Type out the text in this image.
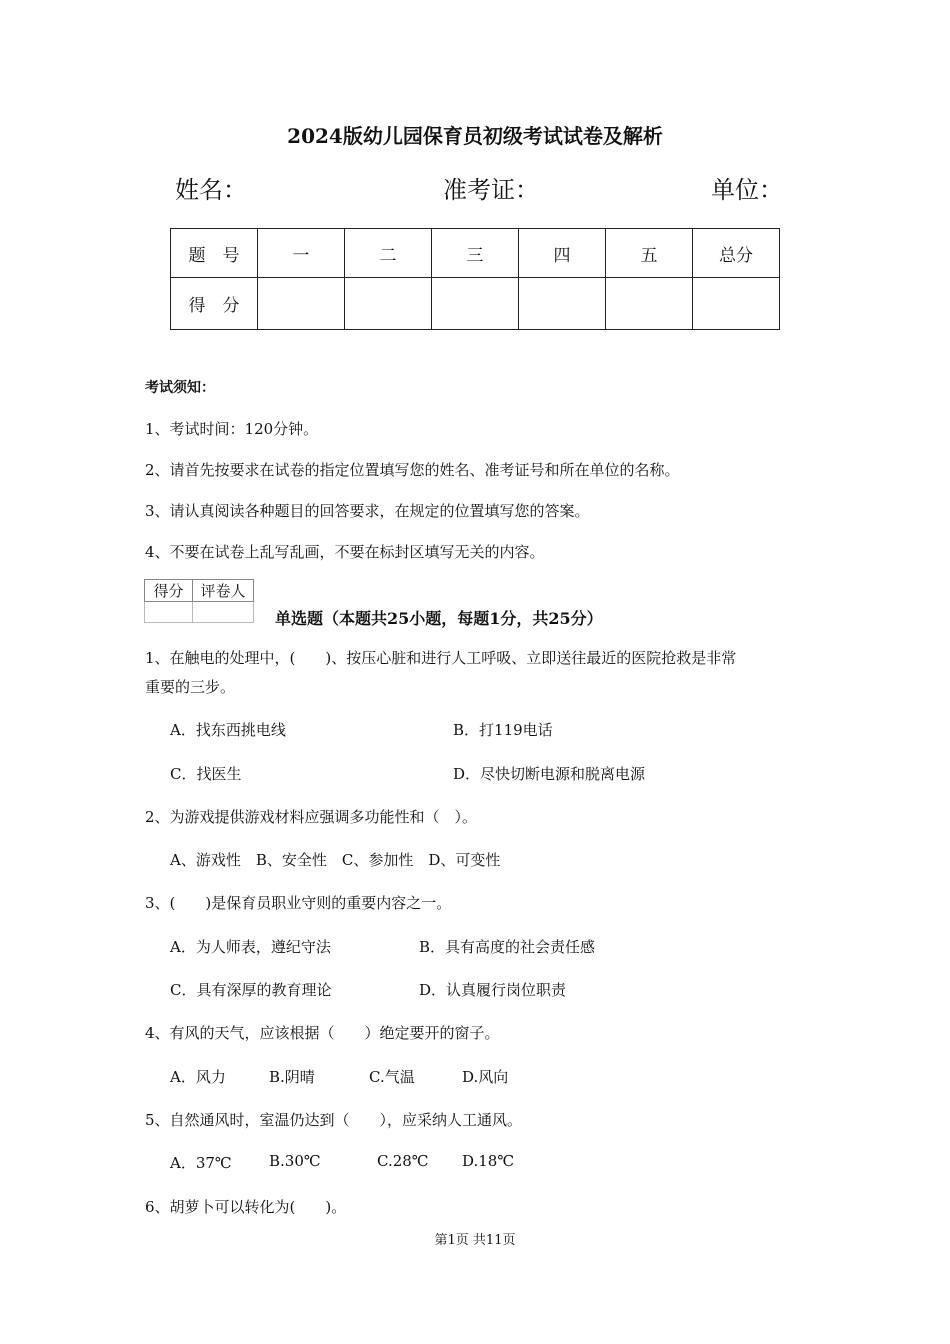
2024版幼儿园保育员初级考试试卷及解析
姓名：	准考证：	单位：
题　号	一	二	三	四	五	总分
得　分						
考试须知：
1、考试时间：120分钟。
2、请首先按要求在试卷的指定位置填写您的姓名、准考证号和所在单位的名称。
3、请认真阅读各种题目的回答要求，在规定的位置填写您的答案。
4、不要在试卷上乱写乱画，不要在标封区填写无关的内容。
得分	评卷人

单选题（本题共25小题，每题1分，共25分）
1、在触电的处理中，(　　)、按压心脏和进行人工呼吸、立即送往最近的医院抢救是非常
重要的三步。
A．找东西挑电线	B．打119电话
C．找医生	D．尽快切断电源和脱离电源
2、为游戏提供游戏材料应强调多功能性和（　）。
A、游戏性　B、安全性　C、参加性　D、可变性
3、(　　)是保育员职业守则的重要内容之一。
A．为人师表，遵纪守法	B．具有高度的社会责任感
C．具有深厚的教育理论	D．认真履行岗位职责
4、有风的天气，应该根据（　　）绝定要开的窗子。
A．风力	B.阴晴	C.气温	D.风向
5、自然通风时，室温仍达到（　　），应采纳人工通风。
A．37℃ B.30℃	C.28℃ D.18℃
6、胡萝卜可以转化为(　　)。
第1页 共11页
